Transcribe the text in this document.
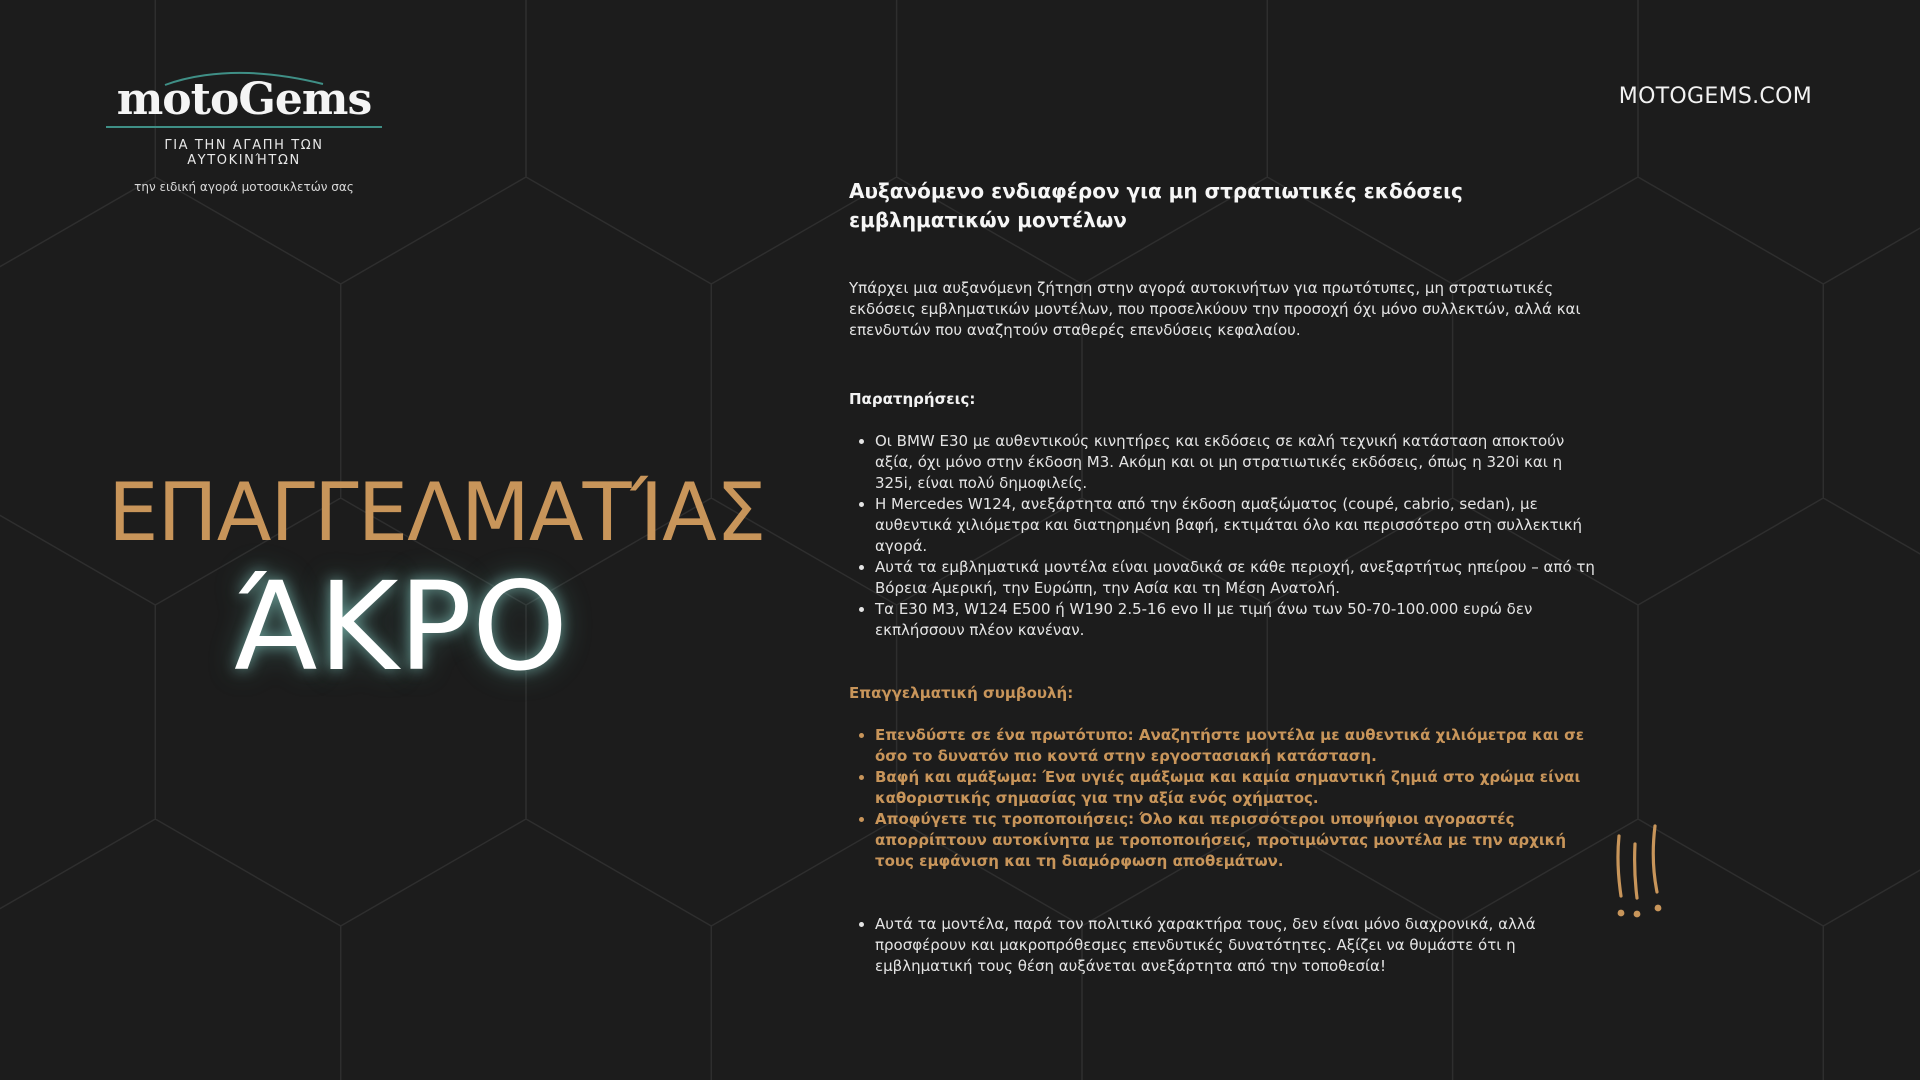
motoGems
ΓΙΑ ΤΗΝ ΑΓΑΠΗ ΤΩΝ ΑΥΤΟΚΙΝΉΤΩΝ
την ειδική αγορά μοτοσικλετών σας
MOTOGEMS.COM
ΕΠΑΓΓΕΛΜΑΤΊΑΣ
ΆΚΡΟ
Αυξανόμενο ενδιαφέρον για μη στρατιωτικές εκδόσεις εμβληματικών μοντέλων

Υπάρχει μια αυξανόμενη ζήτηση στην αγορά αυτοκινήτων για πρωτότυπες, μη στρατιωτικές εκδόσεις εμβληματικών μοντέλων, που προσελκύουν την προσοχή όχι μόνο συλλεκτών, αλλά και επενδυτών που αναζητούν σταθερές επενδύσεις κεφαλαίου.

Παρατηρήσεις:

• Οι BMW E30 με αυθεντικούς κινητήρες και εκδόσεις σε καλή τεχνική κατάσταση αποκτούν αξία, όχι μόνο στην έκδοση M3. Ακόμη και οι μη στρατιωτικές εκδόσεις, όπως η 320i και η 325i, είναι πολύ δημοφιλείς.
• Η Mercedes W124, ανεξάρτητα από την έκδοση αμαξώματος (coupé, cabrio, sedan), με αυθεντικά χιλιόμετρα και διατηρημένη βαφή, εκτιμάται όλο και περισσότερο στη συλλεκτική αγορά.
• Αυτά τα εμβληματικά μοντέλα είναι μοναδικά σε κάθε περιοχή, ανεξαρτήτως ηπείρου – από τη Βόρεια Αμερική, την Ευρώπη, την Ασία και τη Μέση Ανατολή.
• Τα E30 M3, W124 E500 ή W190 2.5-16 evo II με τιμή άνω των 50-70-100.000 ευρώ δεν εκπλήσσουν πλέον κανέναν.

Επαγγελματική συμβουλή:

• Επενδύστε σε ένα πρωτότυπο: Αναζητήστε μοντέλα με αυθεντικά χιλιόμετρα και σε όσο το δυνατόν πιο κοντά στην εργοστασιακή κατάσταση.
• Βαφή και αμάξωμα: Ένα υγιές αμάξωμα και καμία σημαντική ζημιά στο χρώμα είναι καθοριστικής σημασίας για την αξία ενός οχήματος.
• Αποφύγετε τις τροποποιήσεις: Όλο και περισσότεροι υποψήφιοι αγοραστές απορρίπτουν αυτοκίνητα με τροποποιήσεις, προτιμώντας μοντέλα με την αρχική τους εμφάνιση και τη διαμόρφωση αποθεμάτων.
• Αυτά τα μοντέλα, παρά τον πολιτικό χαρακτήρα τους, δεν είναι μόνο διαχρονικά, αλλά προσφέρουν και μακροπρόθεσμες επενδυτικές δυνατότητες. Αξίζει να θυμάστε ότι η εμβληματική τους θέση αυξάνεται ανεξάρτητα από την τοποθεσία!
